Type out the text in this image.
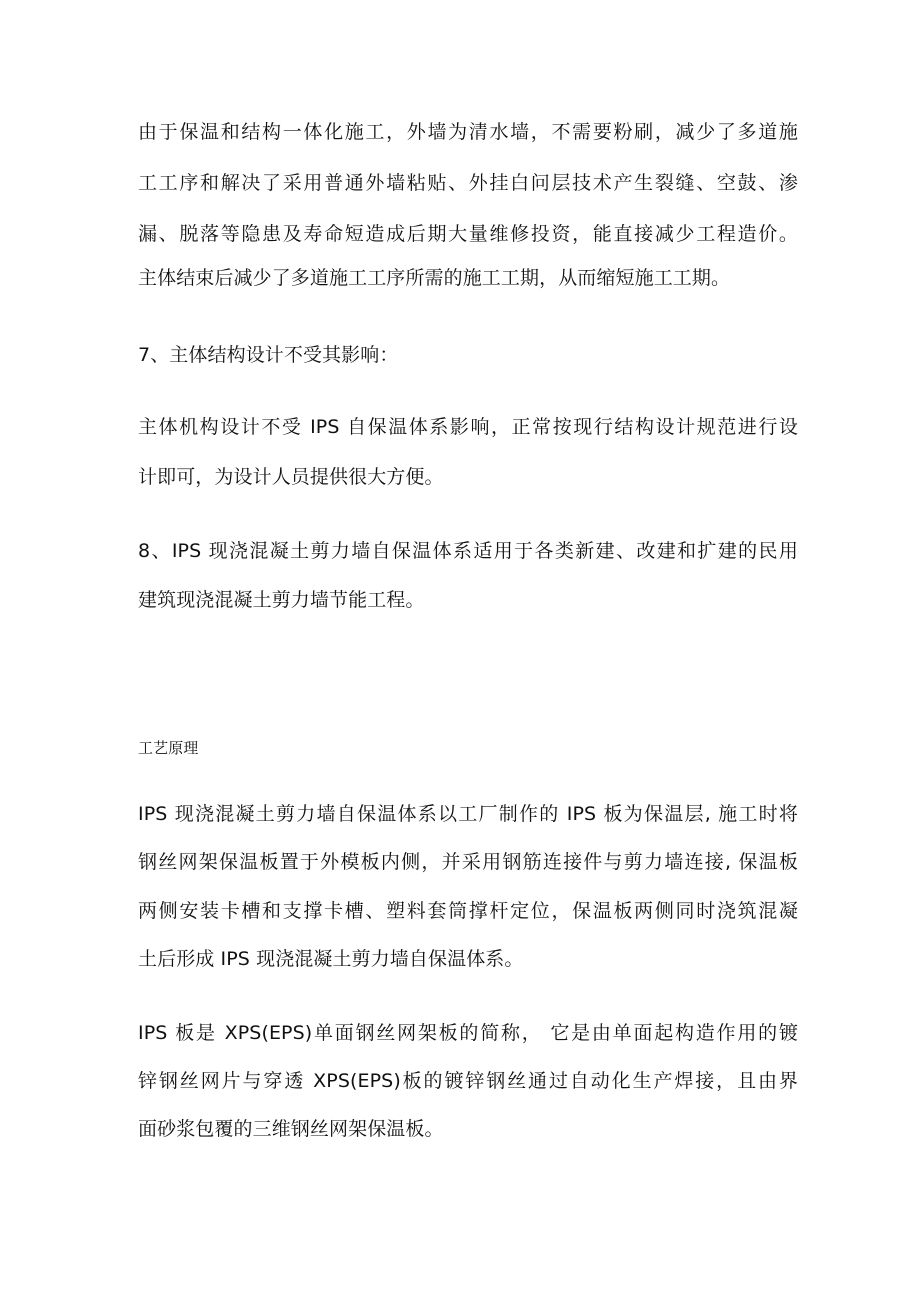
由于保温和结构一体化施工，外墙为清水墙，不需要粉刷，减少了多道施
工工序和解决了采用普通外墙粘贴、外挂白问层技术产生裂缝、空鼓、渗
漏、脱落等隐患及寿命短造成后期大量维修投资，能直接减少工程造价。
主体结束后减少了多道施工工序所需的施工工期，从而缩短施工工期。
7、主体结构设计不受其影响：
主体机构设计不受 IPS 自保温体系影响，正常按现行结构设计规范进行设
计即可，为设计人员提供很大方便。
8、IPS 现浇混凝土剪力墙自保温体系适用于各类新建、改建和扩建的民用
建筑现浇混凝土剪力墙节能工程。
工艺原理
IPS 现浇混凝土剪力墙自保温体系以工厂制作的 IPS 板为保温层, 施工时将
钢丝网架保温板置于外模板内侧，并采用钢筋连接件与剪力墙连接, 保温板
两侧安装卡槽和支撑卡槽、塑料套筒撑杆定位，保温板两侧同时浇筑混凝
土后形成 IPS 现浇混凝土剪力墙自保温体系。
IPS 板是 XPS(EPS)单面钢丝网架板的简称， 它是由单面起构造作用的镀
锌钢丝网片与穿透 XPS(EPS)板的镀锌钢丝通过自动化生产焊接，且由界
面砂浆包覆的三维钢丝网架保温板。
